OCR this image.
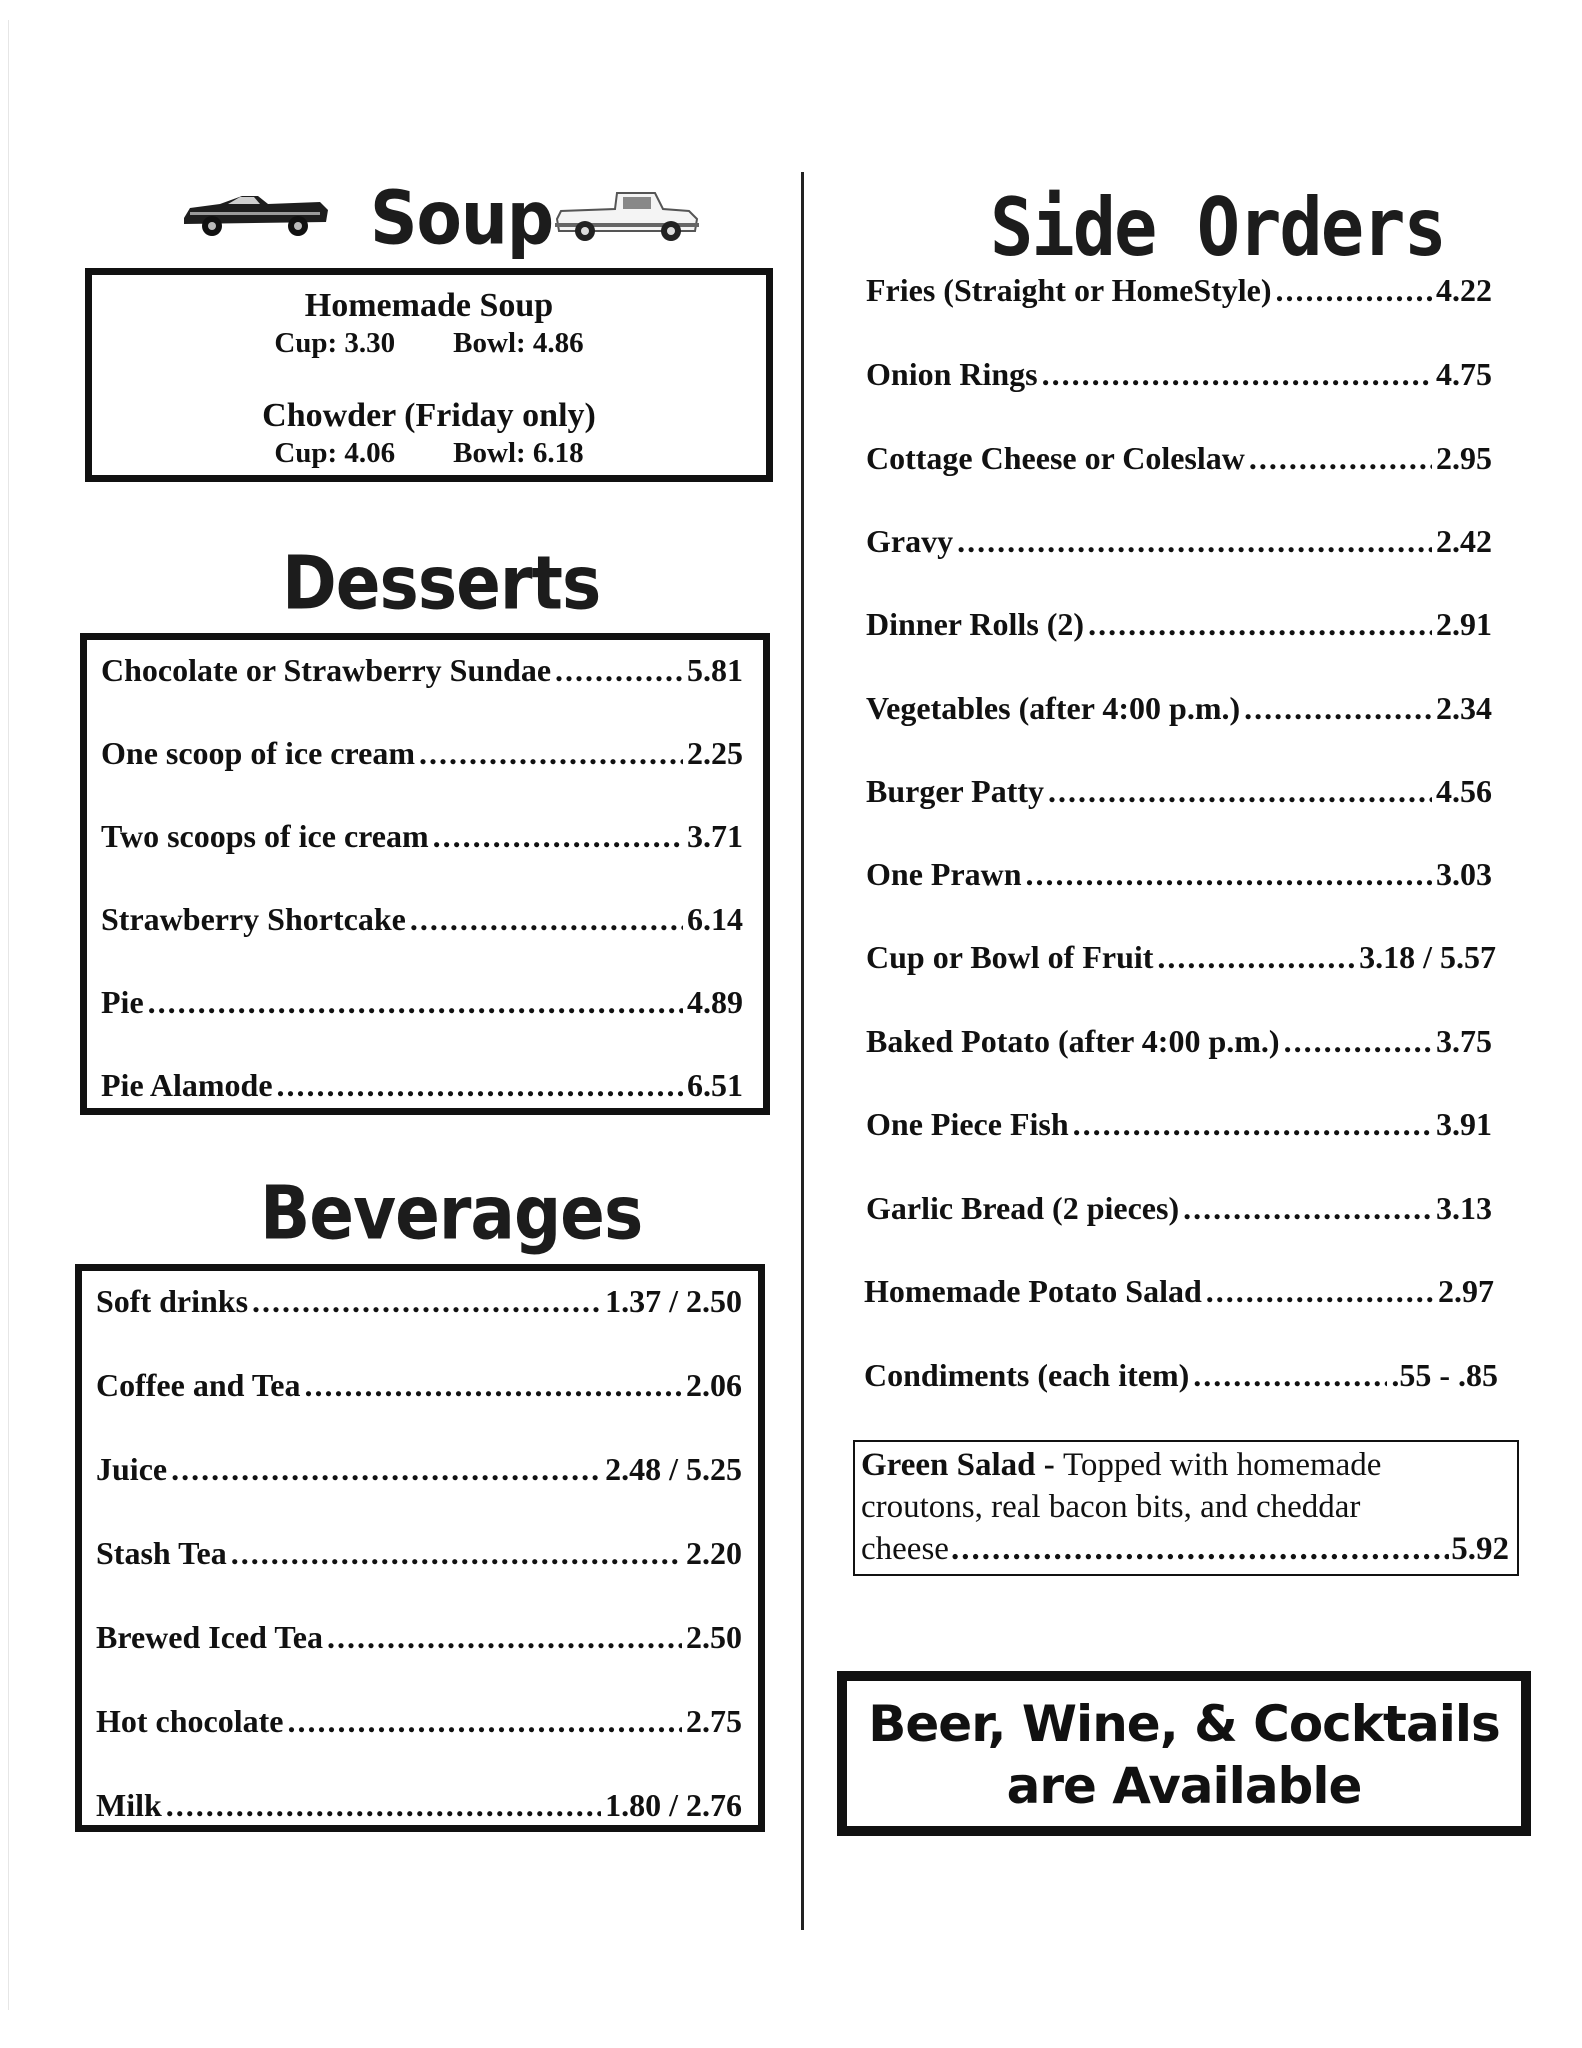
Soup
Homemade Soup
Cup: 3.30 Bowl: 4.86
Chowder (Friday only)
Cup: 4.06 Bowl: 6.18
Desserts
Chocolate or Strawberry Sundae .....	5.81
One scoop of ice cream .....	2.25
Two scoops of ice cream .....	3.71
Strawberry Shortcake .....	6.14
Pie .....	4.89
Pie Alamode .....	6.51
Beverages
Soft drinks .....	1.37 / 2.50
Coffee and Tea .....	2.06
Juice .....	2.48 / 5.25
Stash Tea .....	2.20
Brewed Iced Tea .....	2.50
Hot chocolate .....	2.75
Milk .....	1.80 / 2.76
Side Orders
Fries (Straight or HomeStyle) .....	4.22
Onion Rings .....	4.75
Cottage Cheese or Coleslaw .....	2.95
Gravy .....	2.42
Dinner Rolls (2) .....	2.91
Vegetables (after 4:00 p.m.) .....	2.34
Burger Patty .....	4.56
One Prawn .....	3.03
Cup or Bowl of Fruit .....	3.18 / 5.57
Baked Potato (after 4:00 p.m.) .....	3.75
One Piece Fish .....	3.91
Garlic Bread (2 pieces) .....	3.13
Homemade Potato Salad .....	2.97
Condiments (each item) .....	.55 - .85
Green Salad - Topped with homemade
croutons, real bacon bits, and cheddar
cheese .....	5.92
Beer, Wine, & Cocktails
are Available
